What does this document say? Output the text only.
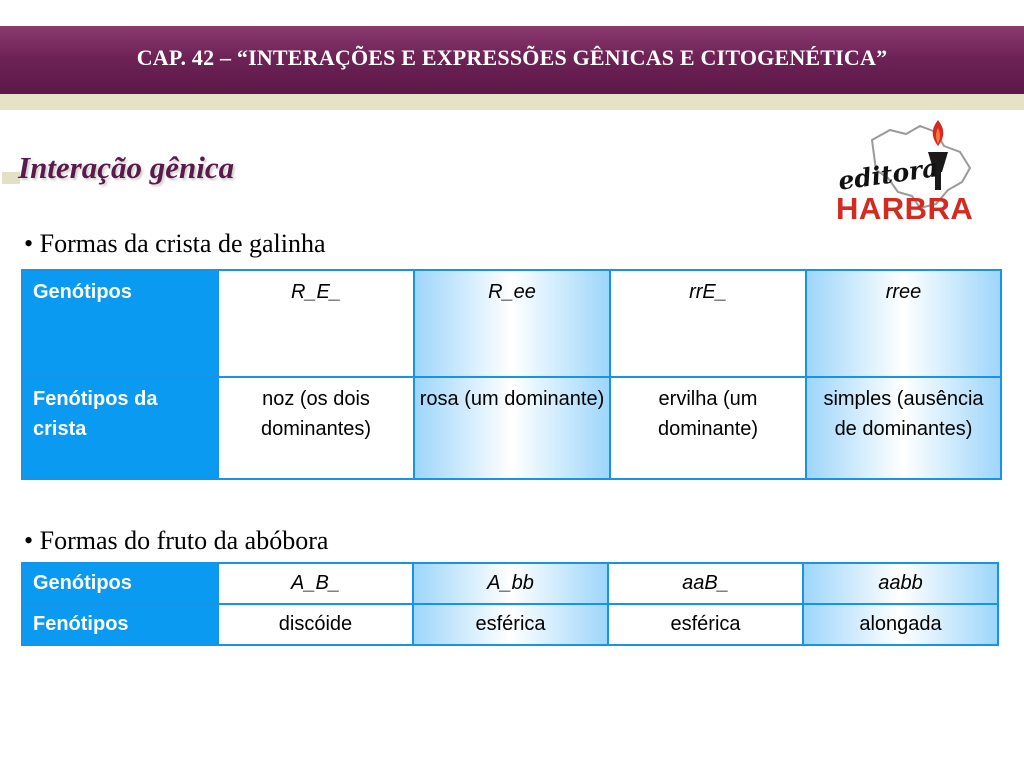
CAP. 42 – “INTERAÇÕES E EXPRESSÕES GÊNICAS E CITOGENÉTICA”
Interação gênica	editora
HARBRA
• Formas da crista de galinha
Genótipos	R_E_	R_ee	rrE_	rree
Fenótipos da crista	noz (os dois dominantes)	rosa (um dominante)	ervilha (um dominante)	simples (ausência de dominantes)
• Formas do fruto da abóbora
Genótipos	A_B_	A_bb	aaB_	aabb
Fenótipos	discóide	esférica	esférica	alongada
